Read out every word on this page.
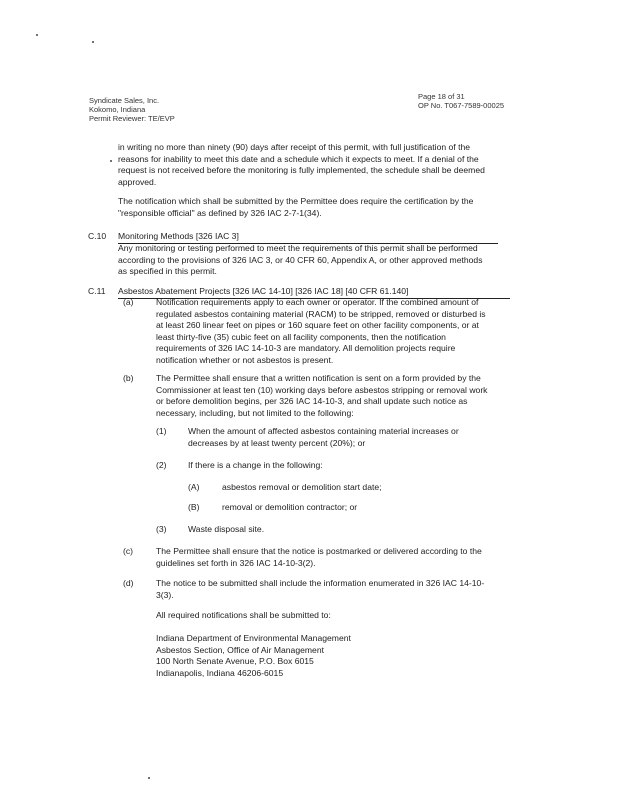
Syndicate Sales, Inc.
Kokomo, Indiana
Permit Reviewer: TE/EVP
Page 18 of 31
OP No. T067-7589-00025
in writing no more than ninety (90) days after receipt of this permit, with full justification of the
reasons for inability to meet this date and a schedule which it expects to meet. If a denial of the
request is not received before the monitoring is fully implemented, the schedule shall be deemed
approved.
The notification which shall be submitted by the Permittee does require the certification by the
"responsible official" as defined by 326 IAC 2-7-1(34).
C.10 Monitoring Methods [326 IAC 3]
Any monitoring or testing performed to meet the requirements of this permit shall be performed
according to the provisions of 326 IAC 3, or 40 CFR 60, Appendix A, or other approved methods
as specified in this permit.
C.11 Asbestos Abatement Projects [326 IAC 14-10] [326 IAC 18] [40 CFR 61.140]
(a)	Notification requirements apply to each owner or operator. If the combined amount of
regulated asbestos containing material (RACM) to be stripped, removed or disturbed is
at least 260 linear feet on pipes or 160 square feet on other facility components, or at
least thirty-five (35) cubic feet on all facility components, then the notification
requirements of 326 IAC 14-10-3 are mandatory. All demolition projects require
notification whether or not asbestos is present.
(b)	The Permittee shall ensure that a written notification is sent on a form provided by the
Commissioner at least ten (10) working days before asbestos stripping or removal work
or before demolition begins, per 326 IAC 14-10-3, and shall update such notice as
necessary, including, but not limited to the following:
(1) When the amount of affected asbestos containing material increases or
decreases by at least twenty percent (20%); or
(2) If there is a change in the following:
(A)	asbestos removal or demolition start date;
(B)	removal or demolition contractor; or
(3) Waste disposal site.
(c)	The Permittee shall ensure that the notice is postmarked or delivered according to the
guidelines set forth in 326 IAC 14-10-3(2).
(d)	The notice to be submitted shall include the information enumerated in 326 IAC 14-10-
3(3).
All required notifications shall be submitted to:
Indiana Department of Environmental Management
Asbestos Section, Office of Air Management
100 North Senate Avenue, P.O. Box 6015
Indianapolis, Indiana 46206-6015
